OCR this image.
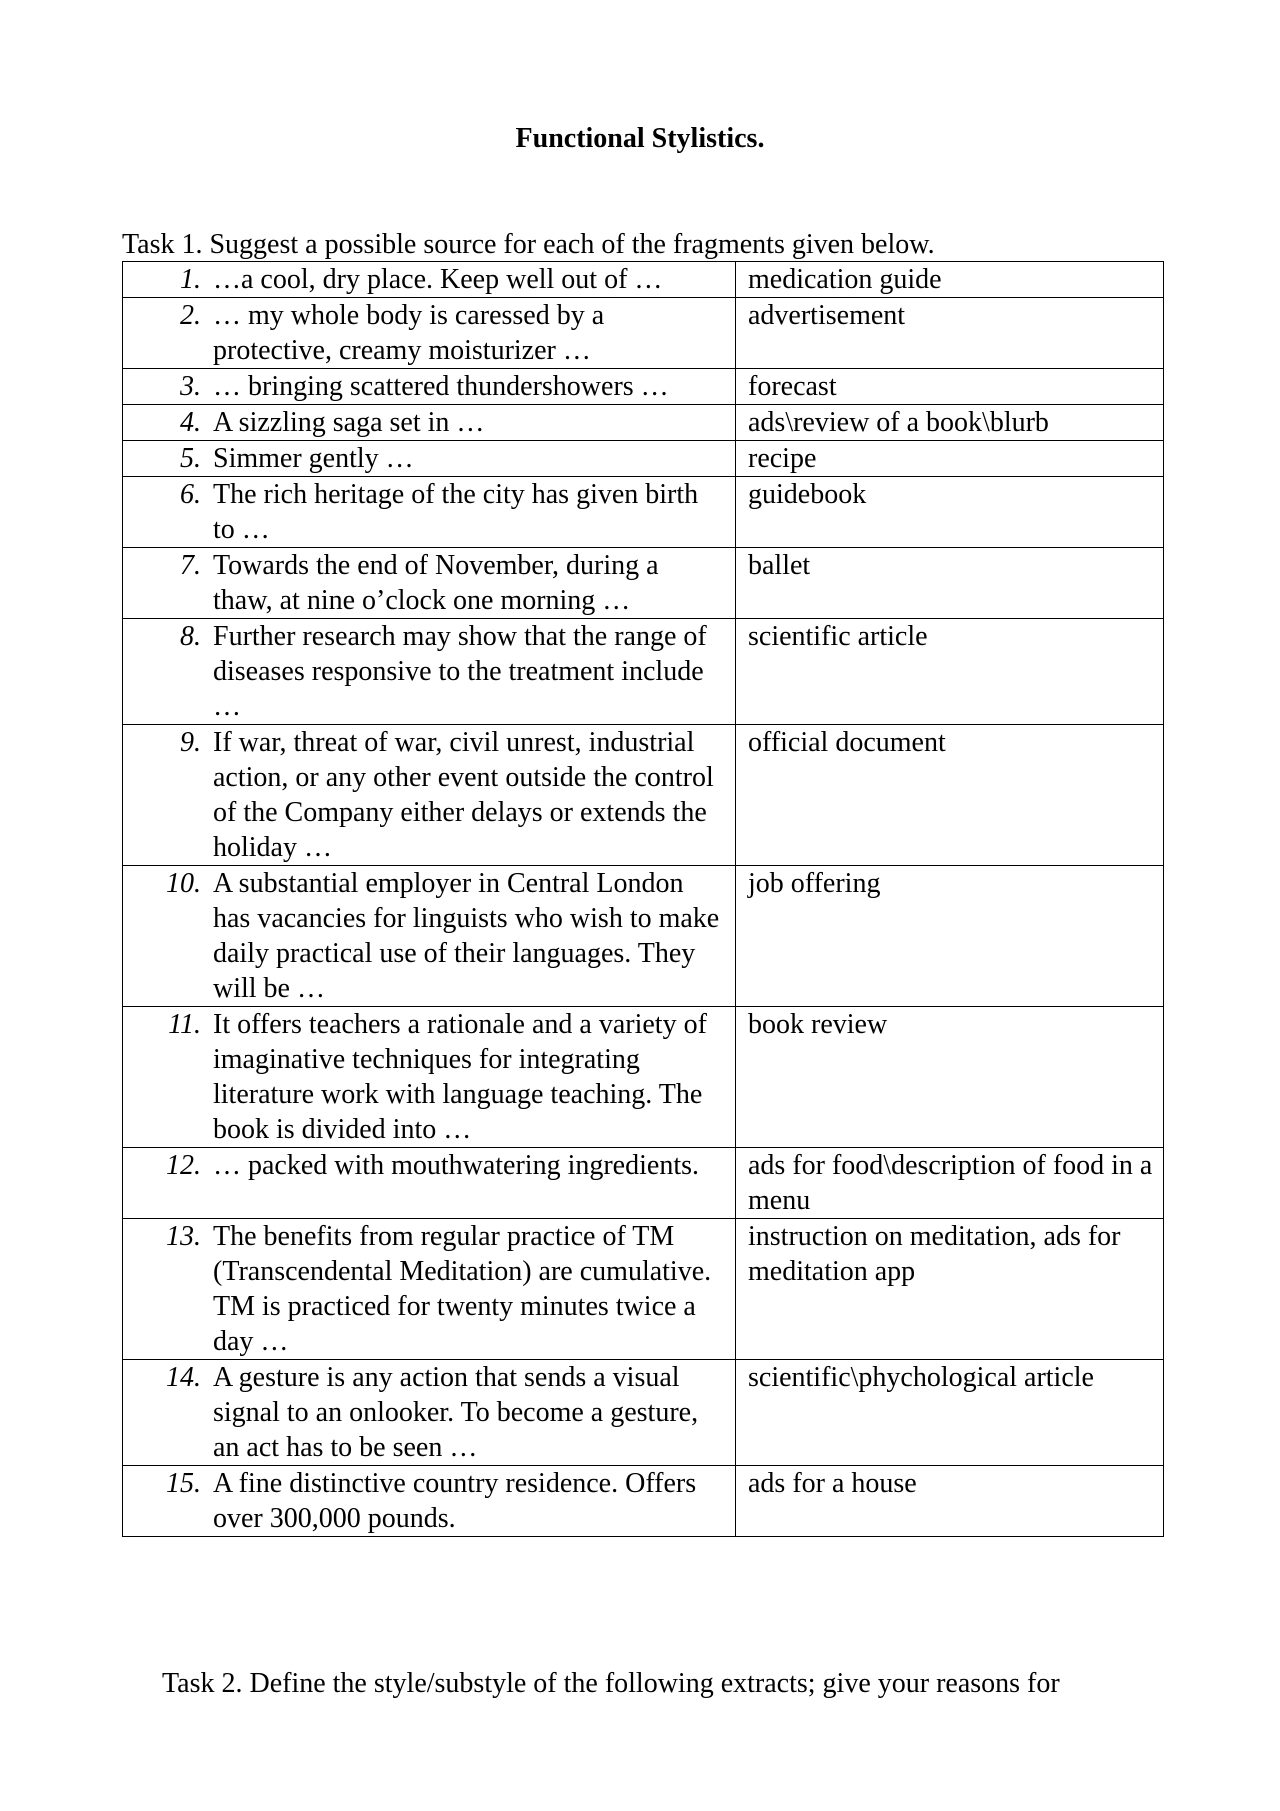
Functional Stylistics.
Task 1. Suggest a possible source for each of the fragments given below.
1. …a cool, dry place. Keep well out of …	medication guide

2. … my whole body is caressed by a protective, creamy moisturizer …	advertisement

3. … bringing scattered thundershowers …	forecast

4. A sizzling saga set in …	ads\review of a book\blurb

5. Simmer gently …	recipe

6. The rich heritage of the city has given birth to …	guidebook

7. Towards the end of November, during a thaw, at nine o’clock one morning …	ballet

8. Further research may show that the range of diseases responsive to the treatment include …	scientific article

9. If war, threat of war, civil unrest, industrial action, or any other event outside the control of the Company either delays or extends the holiday …	official document

10. A substantial employer in Central London has vacancies for linguists who wish to make daily practical use of their languages. They will be …	job offering

11. It offers teachers a rationale and a variety of imaginative techniques for integrating literature work with language teaching. The book is divided into …	book review

12. … packed with mouthwatering ingredients.	ads for food\description of food in a menu

13. The benefits from regular practice of TM (Transcendental Meditation) are cumulative. TM is practiced for twenty minutes twice a day …	instruction on meditation, ads for meditation app

14. A gesture is any action that sends a visual signal to an onlooker. To become a gesture, an act has to be seen …	scientific\phychological article

15. A fine distinctive country residence. Offers over 300,000 pounds.	ads for a house
Task 2. Define the style/substyle of the following extracts; give your reasons for
